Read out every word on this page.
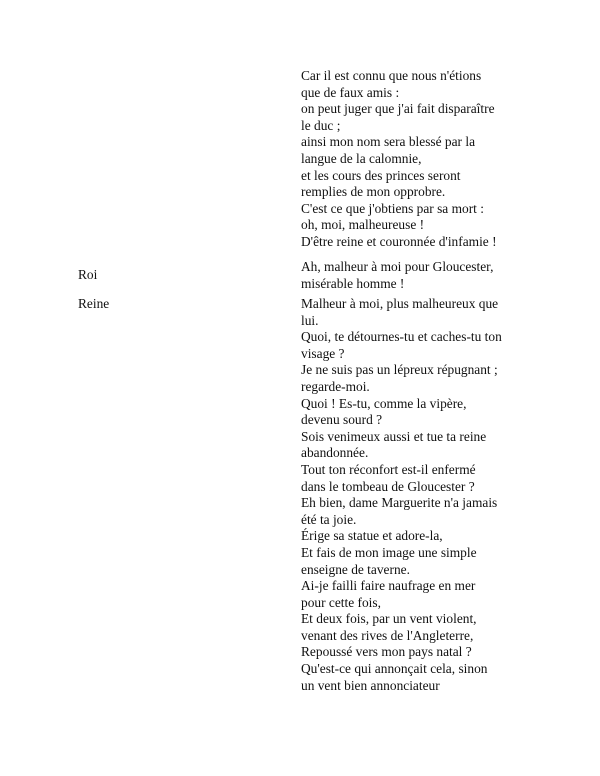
Car il est connu que nous n'étions
que de faux amis :
on peut juger que j'ai fait disparaître
le duc ;
ainsi mon nom sera blessé par la
langue de la calomnie,
et les cours des princes seront
remplies de mon opprobre.
C'est ce que j'obtiens par sa mort :
oh, moi, malheureuse !
D'être reine et couronnée d'infamie !
Roi
Ah, malheur à moi pour Gloucester,
misérable homme !
Reine	Malheur à moi, plus malheureux que
lui.
Quoi, te détournes-tu et caches-tu ton
visage ?
Je ne suis pas un lépreux répugnant ;
regarde-moi.
Quoi ! Es-tu, comme la vipère,
devenu sourd ?
Sois venimeux aussi et tue ta reine
abandonnée.
Tout ton réconfort est-il enfermé
dans le tombeau de Gloucester ?
Eh bien, dame Marguerite n'a jamais
été ta joie.
Érige sa statue et adore-la,
Et fais de mon image une simple
enseigne de taverne.
Ai-je failli faire naufrage en mer
pour cette fois,
Et deux fois, par un vent violent,
venant des rives de l'Angleterre,
Repoussé vers mon pays natal ?
Qu'est-ce qui annonçait cela, sinon
un vent bien annonciateur
